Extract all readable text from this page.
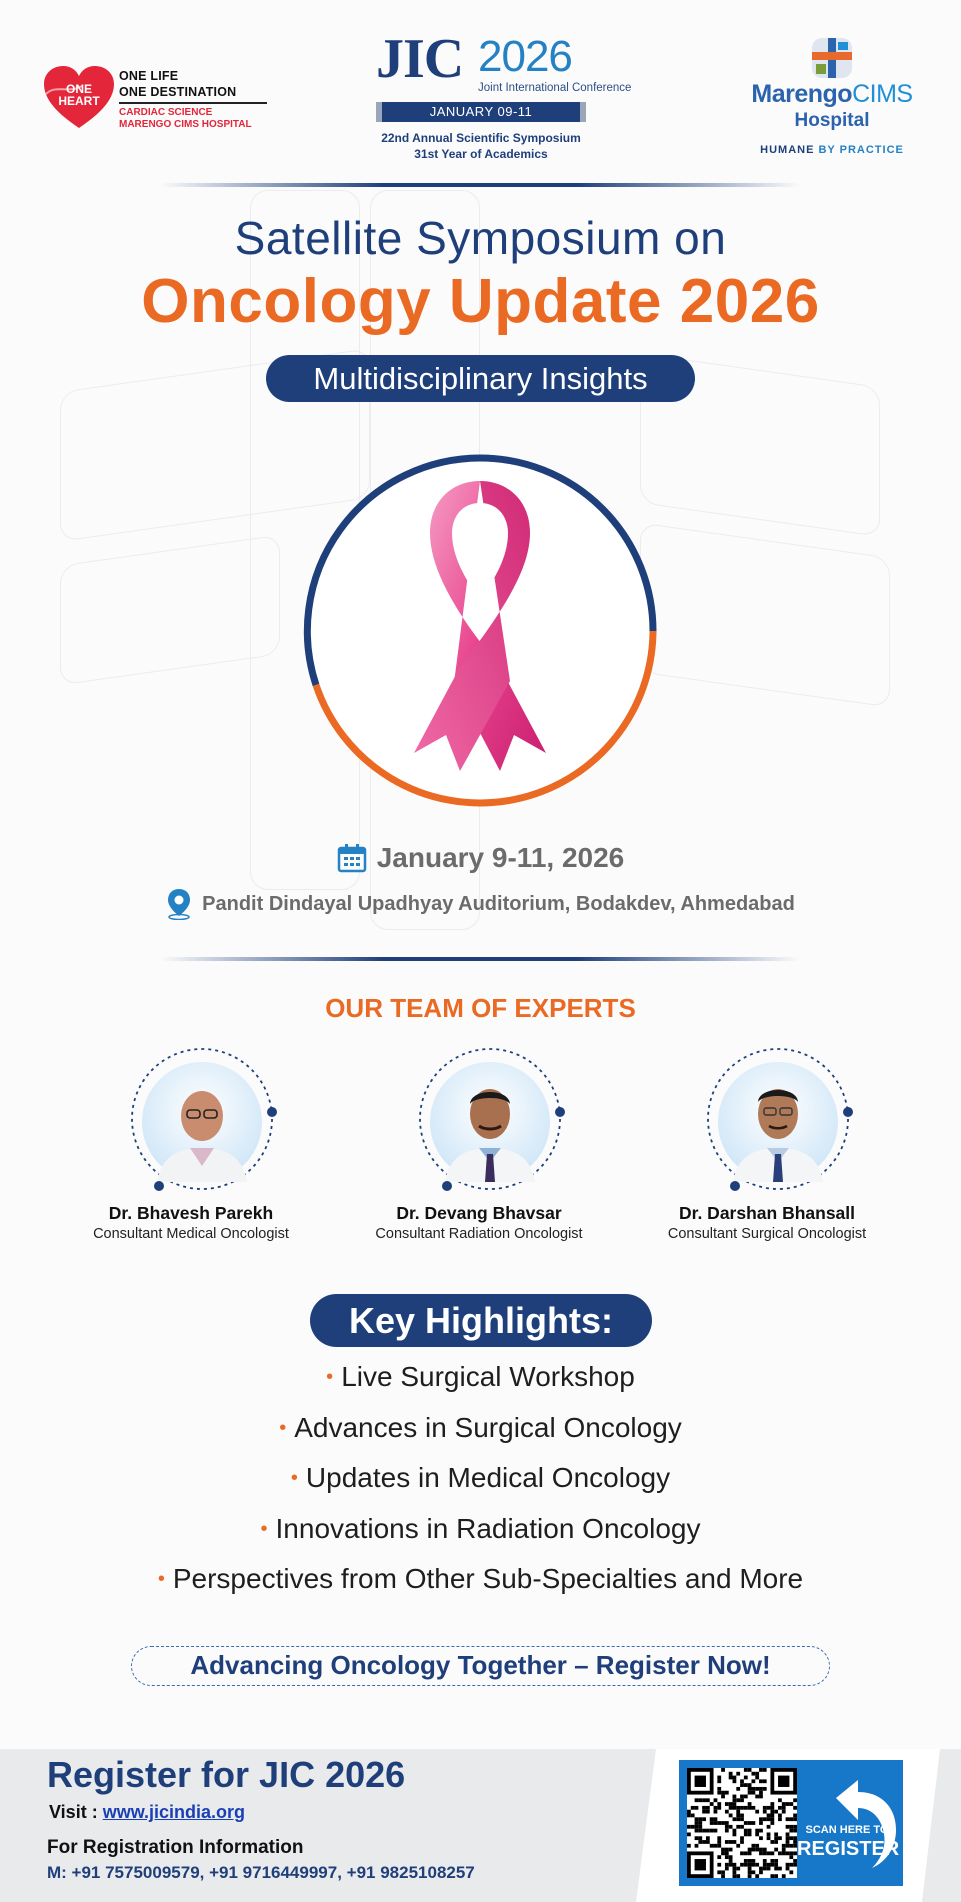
ONE
HEART
ONE LIFE
ONE DESTINATION
CARDIAC SCIENCE
MARENGO CIMS HOSPITAL
JIC 2026
Joint International Conference
JANUARY 09-11
22nd Annual Scientific Symposium
31st Year of Academics
MarengoCIMS
Hospital
HUMANE BY PRACTICE
Satellite Symposium on
Oncology Update 2026
Multidisciplinary Insights
January 9-11, 2026
Pandit Dindayal Upadhyay Auditorium, Bodakdev, Ahmedabad
OUR TEAM OF EXPERTS
Dr. Bhavesh Parekh
Consultant Medical Oncologist
Dr. Devang Bhavsar
Consultant Radiation Oncologist
Dr. Darshan Bhansall
Consultant Surgical Oncologist
Key Highlights:
• Live Surgical Workshop
• Advances in Surgical Oncology
• Updates in Medical Oncology
• Innovations in Radiation Oncology
• Perspectives from Other Sub-Specialties and More
Advancing Oncology Together – Register Now!
Register for JIC 2026
Visit : www.jicindia.org
For Registration Information
M: +91 7575009579, +91 9716449997, +91 9825108257
SCAN HERE TO
REGISTER
